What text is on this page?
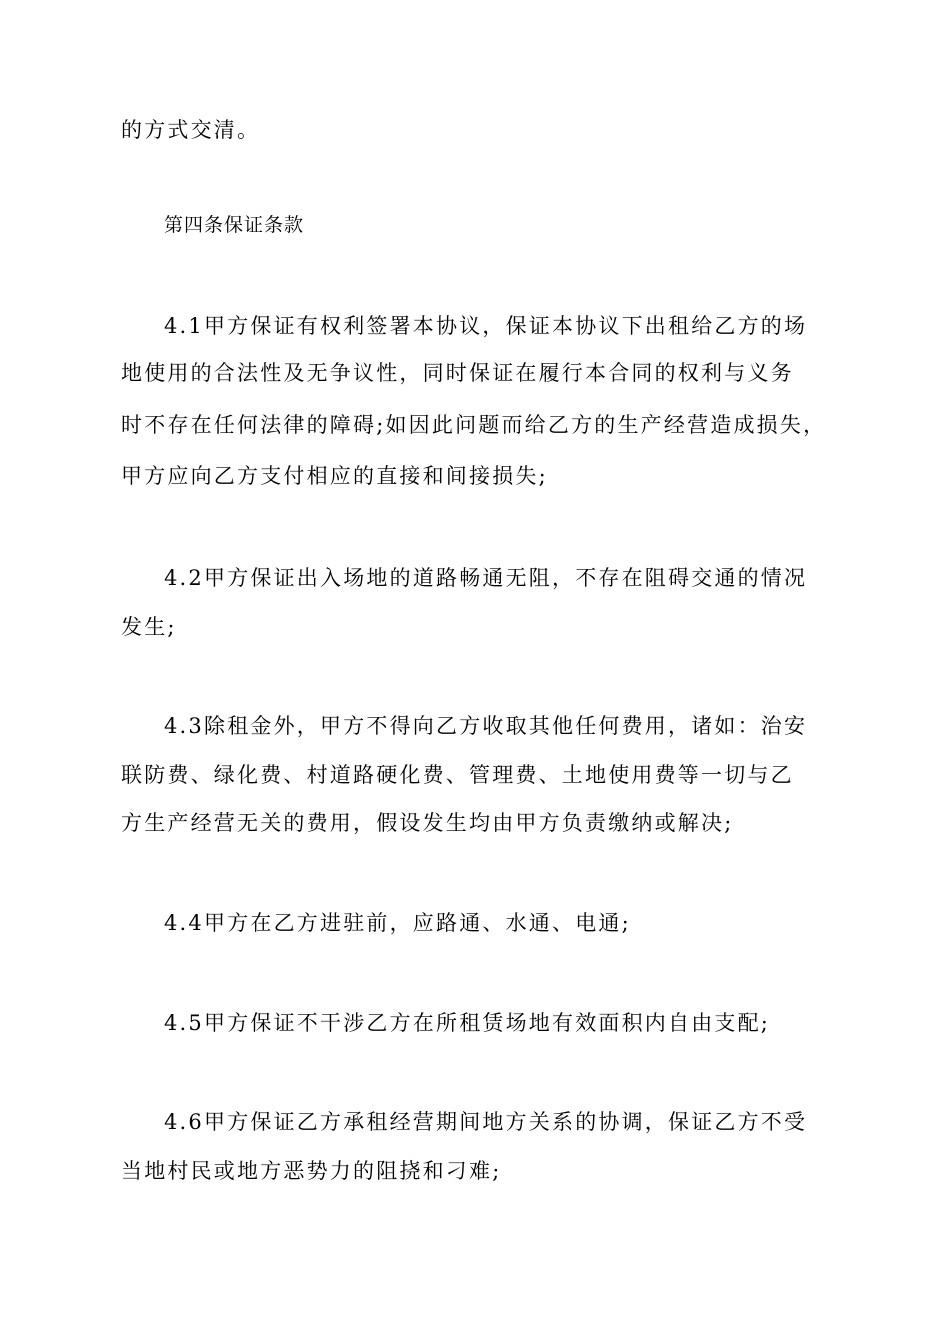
的方式交清。
第四条保证条款
4.1甲方保证有权利签署本协议，保证本协议下出租给乙方的场
地使用的合法性及无争议性，同时保证在履行本合同的权利与义务
时不存在任何法律的障碍;如因此问题而给乙方的生产经营造成损失，
甲方应向乙方支付相应的直接和间接损失;
4.2甲方保证出入场地的道路畅通无阻，不存在阻碍交通的情况
发生;
4.3除租金外，甲方不得向乙方收取其他任何费用，诸如：治安
联防费、绿化费、村道路硬化费、管理费、土地使用费等一切与乙
方生产经营无关的费用，假设发生均由甲方负责缴纳或解决;
4.4甲方在乙方进驻前，应路通、水通、电通;
4.5甲方保证不干涉乙方在所租赁场地有效面积内自由支配;
4.6甲方保证乙方承租经营期间地方关系的协调，保证乙方不受
当地村民或地方恶势力的阻挠和刁难;
